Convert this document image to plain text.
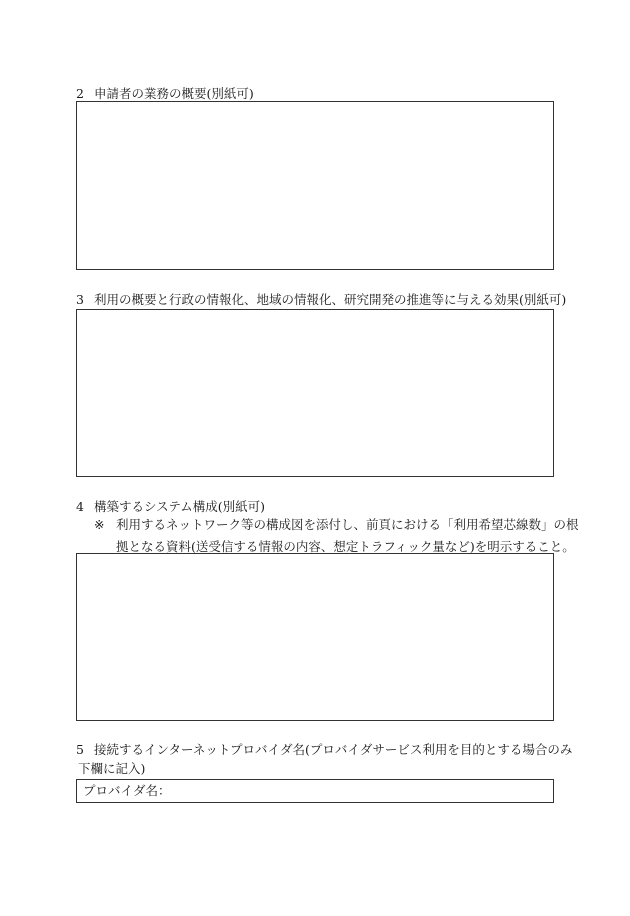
2 申請者の業務の概要(別紙可)
3 利用の概要と行政の情報化、地域の情報化、研究開発の推進等に与える効果(別紙可)
4 構築するシステム構成(別紙可)
※ 利用するネットワーク等の構成図を添付し、前頁における「利用希望芯線数」の根
拠となる資料(送受信する情報の内容、想定トラフィック量など)を明示すること。
5 接続するインターネットプロバイダ名(プロバイダサービス利用を目的とする場合のみ
下欄に記入)
プロバイダ名：
